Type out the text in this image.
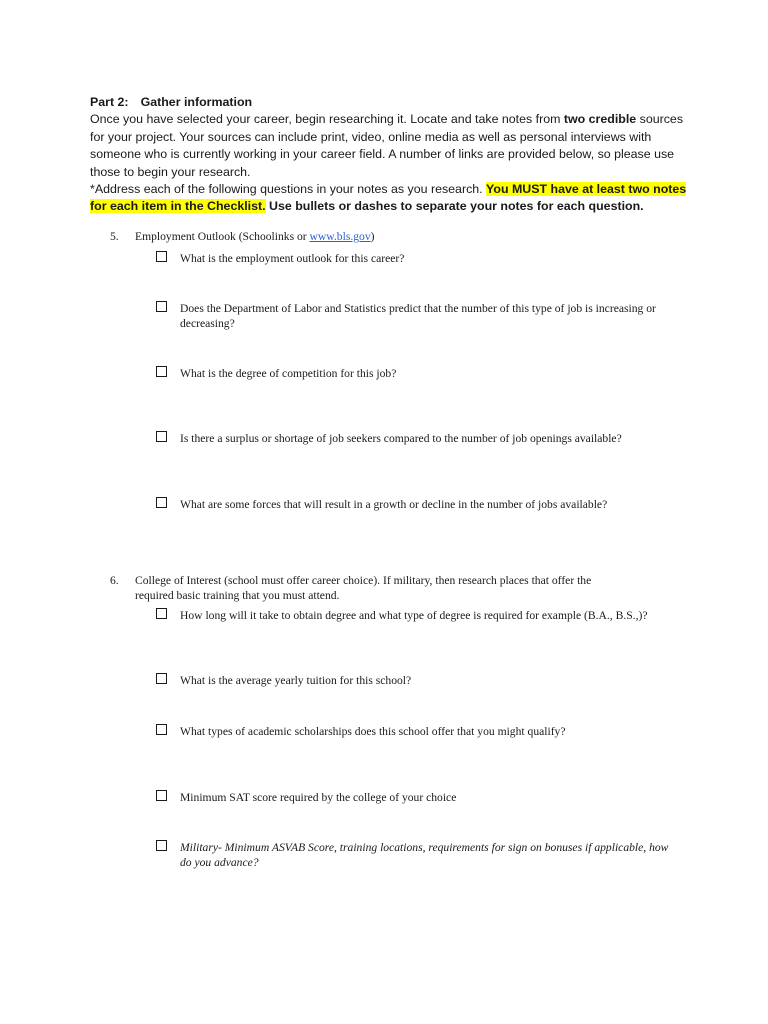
Part 2: Gather information

Once you have selected your career, begin researching it. Locate and take notes from two credible sources for your project. Your sources can include print, video, online media as well as personal interviews with someone who is currently working in your career field. A number of links are provided below, so please use those to begin your research.

*Address each of the following questions in your notes as you research. You MUST have at least two notes for each item in the Checklist. Use bullets or dashes to separate your notes for each question.

5. Employment Outlook (Schoolinks or www.bls.gov)
What is the employment outlook for this career?
Does the Department of Labor and Statistics predict that the number of this type of job is increasing or decreasing?
What is the degree of competition for this job?
Is there a surplus or shortage of job seekers compared to the number of job openings available?
What are some forces that will result in a growth or decline in the number of jobs available?
6. College of Interest (school must offer career choice). If military, then research places that offer the
required basic training that you must attend.
How long will it take to obtain degree and what type of degree is required for example (B.A., B.S.,)?
What is the average yearly tuition for this school?
What types of academic scholarships does this school offer that you might qualify?
Minimum SAT score required by the college of your choice
Military- Minimum ASVAB Score, training locations, requirements for sign on bonuses if applicable, how do you advance?
